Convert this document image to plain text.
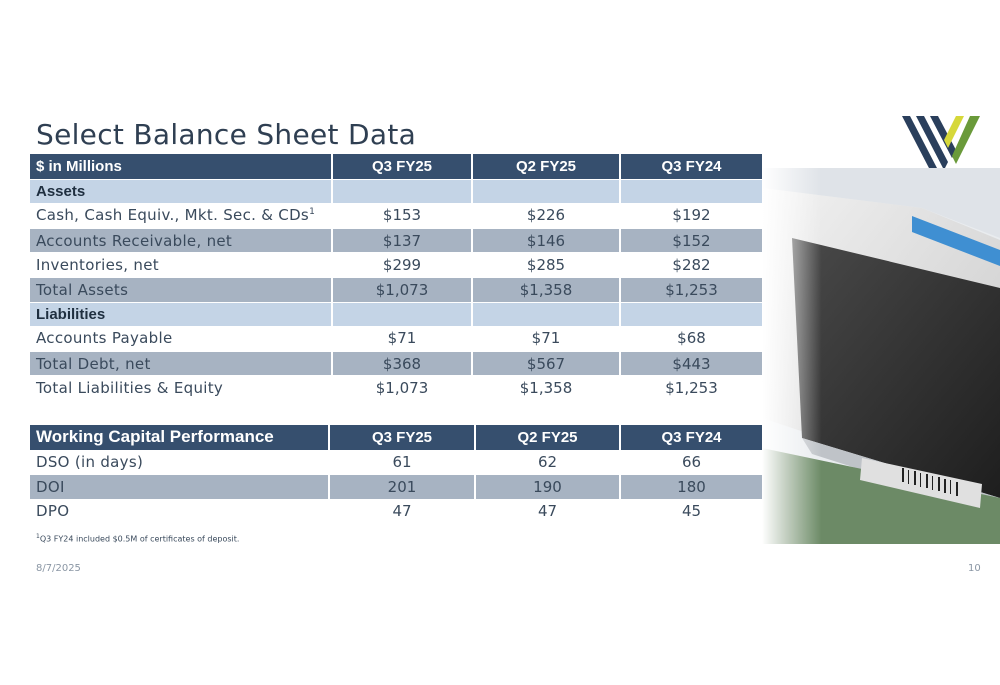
Select Balance Sheet Data
$ in Millions	Q3 FY25	Q2 FY25	Q3 FY24
Assets			
Cash, Cash Equiv., Mkt. Sec. & CDs$^1$	$153	$226	$192
Accounts Receivable, net	$137	$146	$152
Inventories, net	$299	$285	$282
Total Assets	$1,073	$1,358	$1,253
Liabilities			
Accounts Payable	$71	$71	$68
Total Debt, net	$368	$567	$443
Total Liabilities & Equity	$1,073	$1,358	$1,253
Working Capital Performance	Q3 FY25	Q2 FY25	Q3 FY24
DSO (in days)	61	62	66
DOI	201	190	180
DPO	47	47	45
$^1$Q3 FY24 included $0.5M of certificates of deposit.
8/7/2025	10
